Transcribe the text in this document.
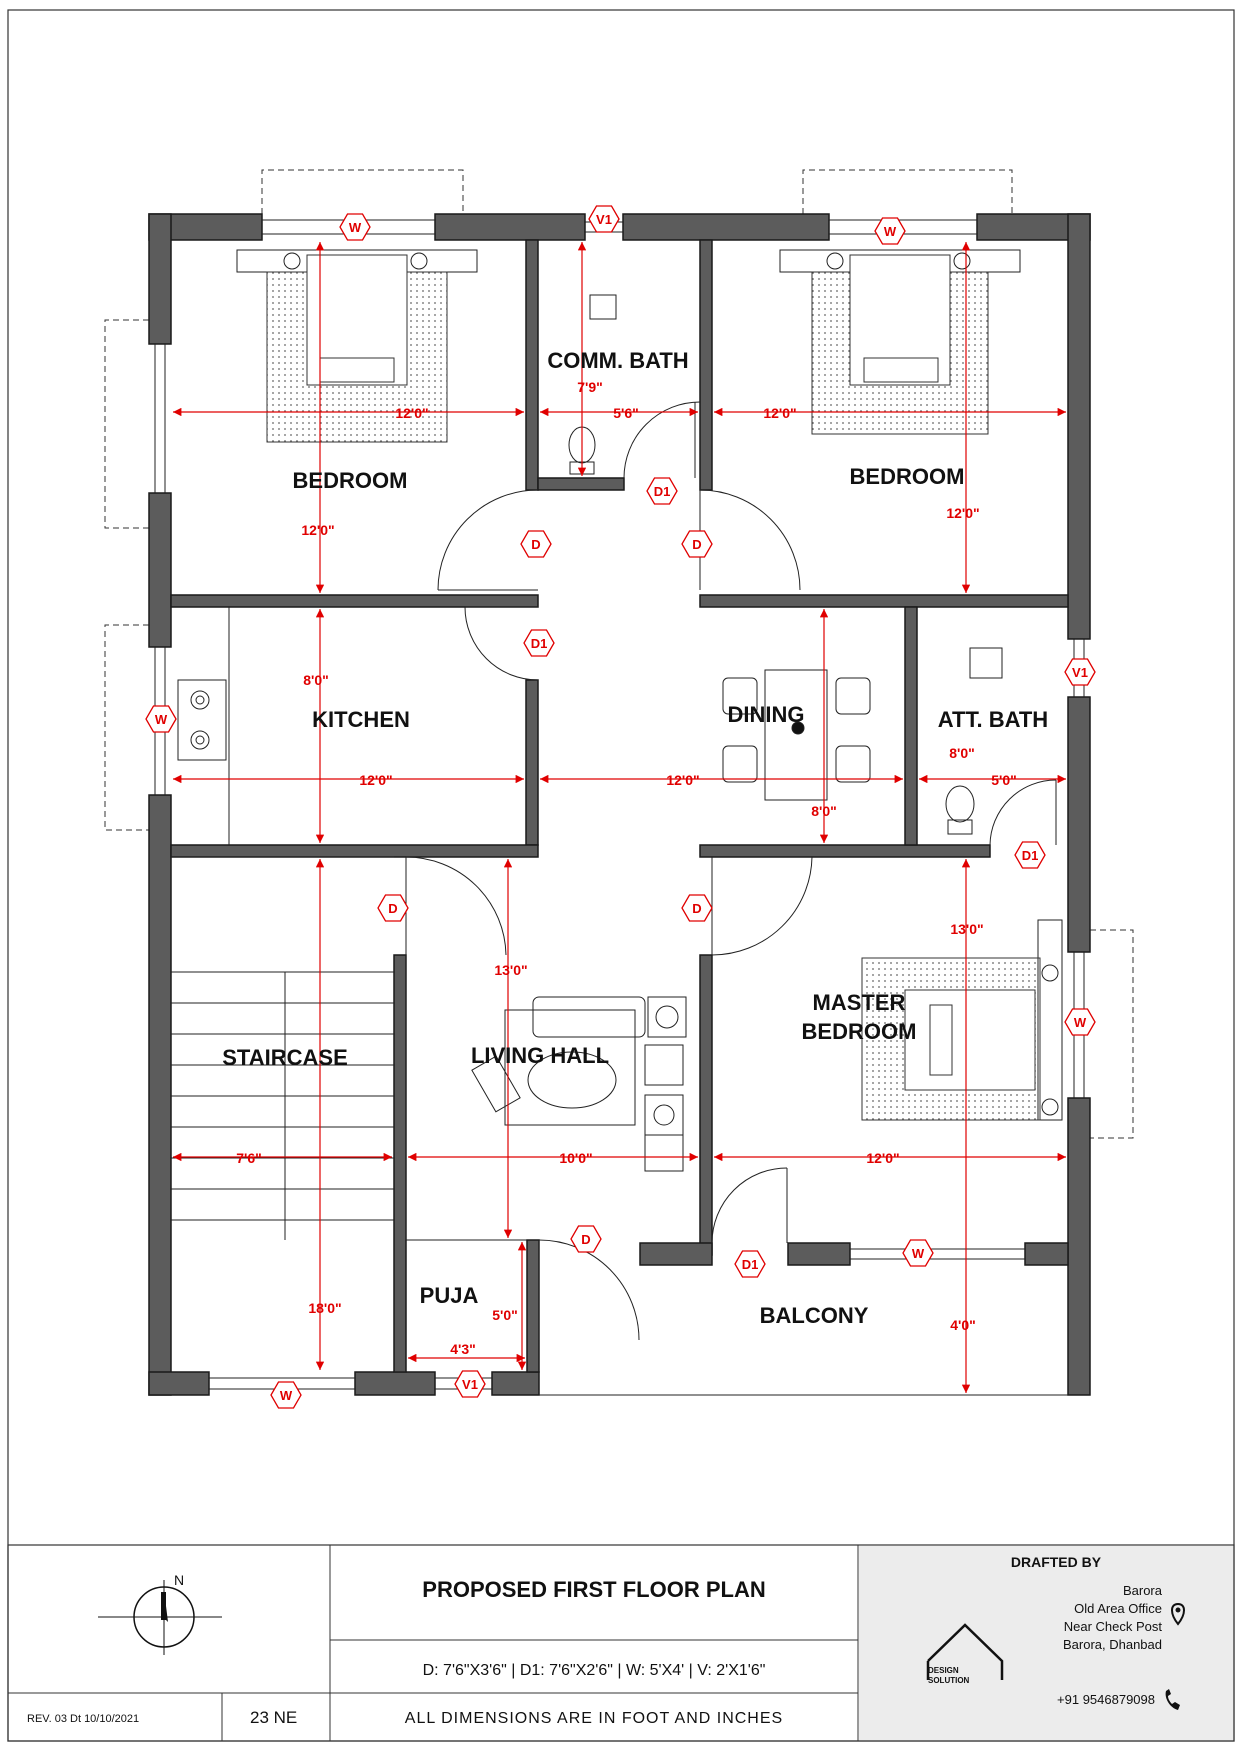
BEDROOM
COMM. BATH
BEDROOM
KITCHEN	DINING	ATT. BATH
STAIRCASE	LIVING HALL
MASTER
BEDROOM
PUJA
BALCONY
12'0"
12'0"
5'6"
7'9"
12'0"
12'0"
8'0"
12'0"	12'0"
8'0"
8'0"
5'0"
13'0"
12'0"
13'0"
10'0"
7'6"
18'0"	5'0"
4'3"
4'0"
W
V1
W
W
V1
W
W
V1
W
D1
D	D
D1
D1
D	D
D
D1
N
REV. 03 Dt 10/10/2021	23 NE
PROPOSED FIRST FLOOR PLAN
D: 7'6"X3'6" | D1: 7'6"X2'6" | W: 5'X4' | V: 2'X1'6"
ALL DIMENSIONS ARE IN FOOT AND INCHES
DRAFTED BY
DESIGN
SOLUTION
Barora
Old Area Office
Near Check Post
Barora, Dhanbad
+91 9546879098
